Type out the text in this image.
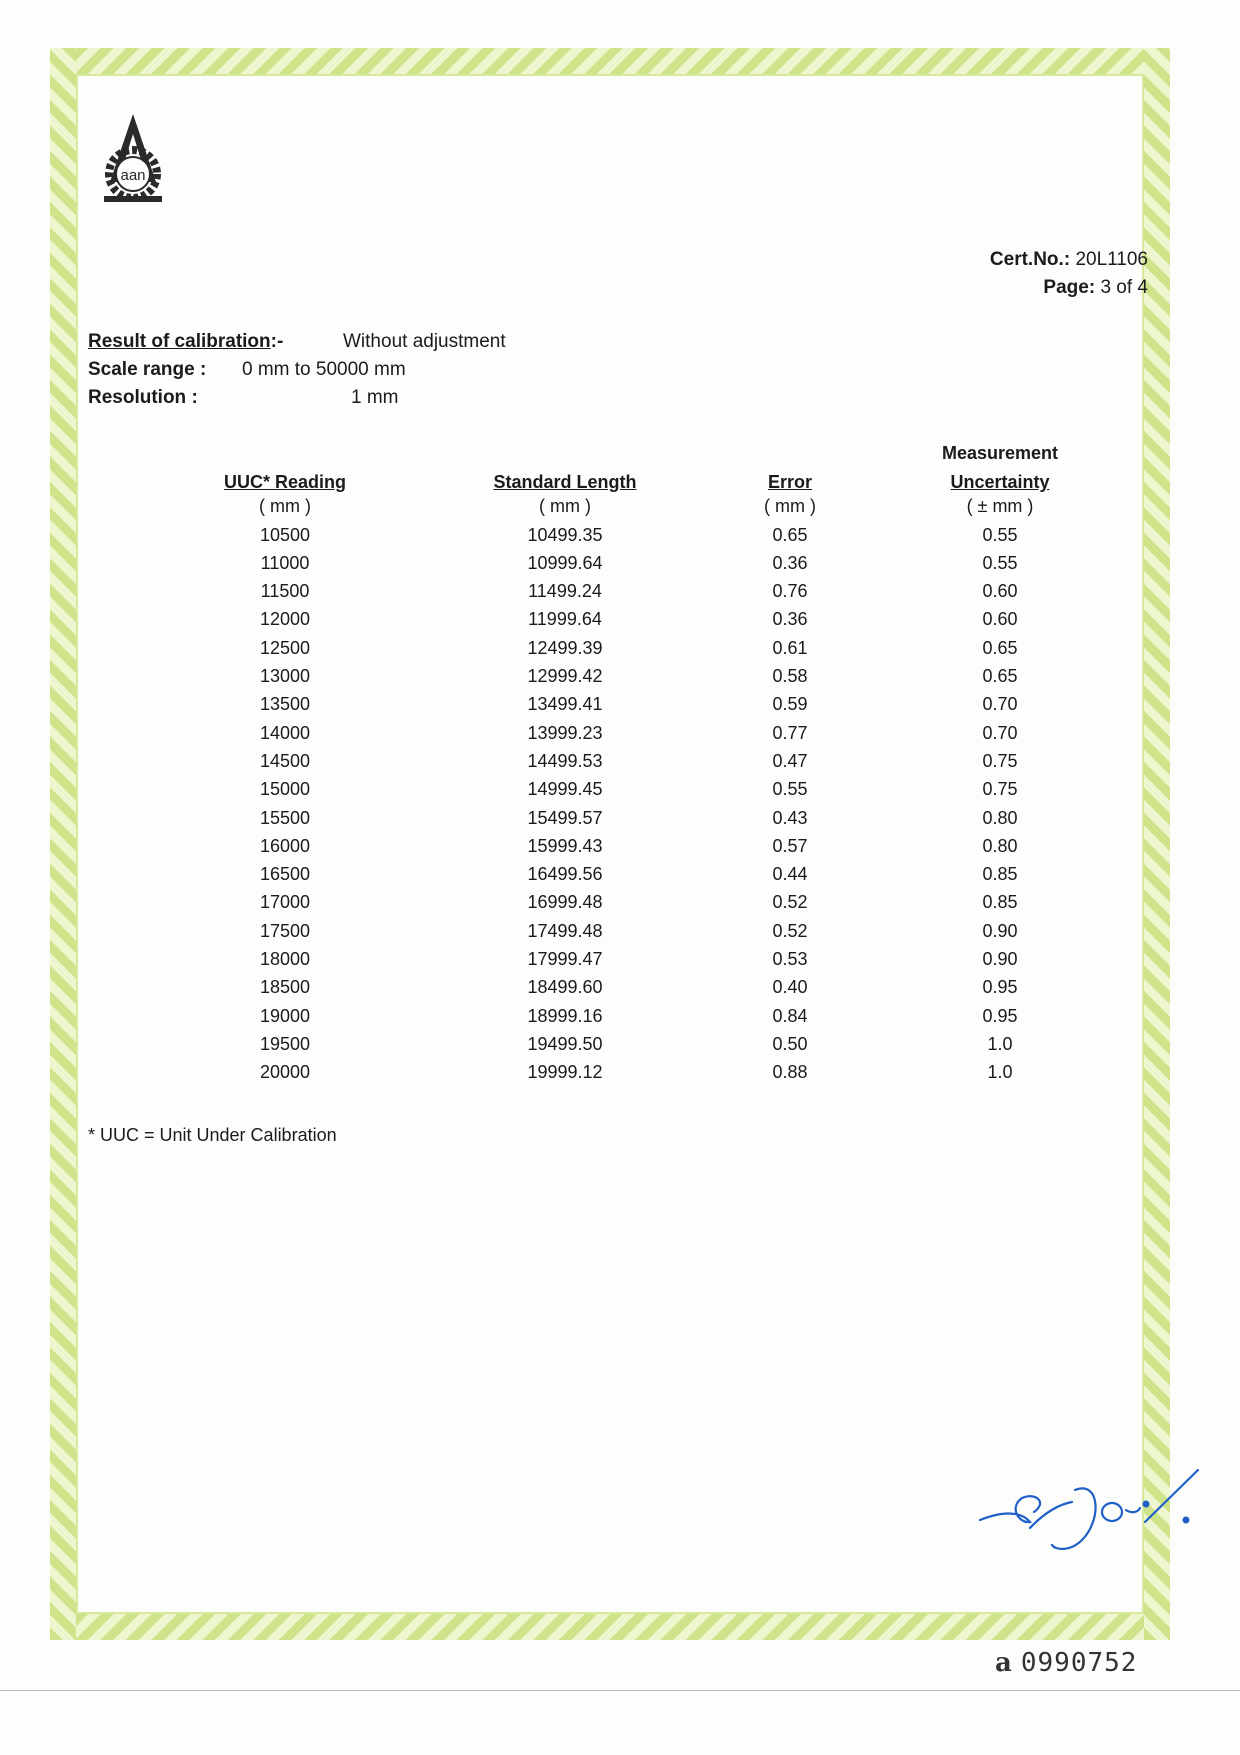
aan
Cert.No.: 20L1106
Page: 3 of 4
Result of calibration:-	Without adjustment
Scale range : 0 mm to 50000 mm
Resolution :	1 mm
			Measurement
UUC* Reading	Standard Length	Error	Uncertainty
( mm )	( mm )	( mm )	( ± mm )
10500	10499.35	0.65	0.55
11000	10999.64	0.36	0.55
11500	11499.24	0.76	0.60
12000	11999.64	0.36	0.60
12500	12499.39	0.61	0.65
13000	12999.42	0.58	0.65
13500	13499.41	0.59	0.70
14000	13999.23	0.77	0.70
14500	14499.53	0.47	0.75
15000	14999.45	0.55	0.75
15500	15499.57	0.43	0.80
16000	15999.43	0.57	0.80
16500	16499.56	0.44	0.85
17000	16999.48	0.52	0.85
17500	17499.48	0.52	0.90
18000	17999.47	0.53	0.90
18500	18499.60	0.40	0.95
19000	18999.16	0.84	0.95
19500	19499.50	0.50	1.0
20000	19999.12	0.88	1.0
* UUC = Unit Under Calibration
a 0990752
